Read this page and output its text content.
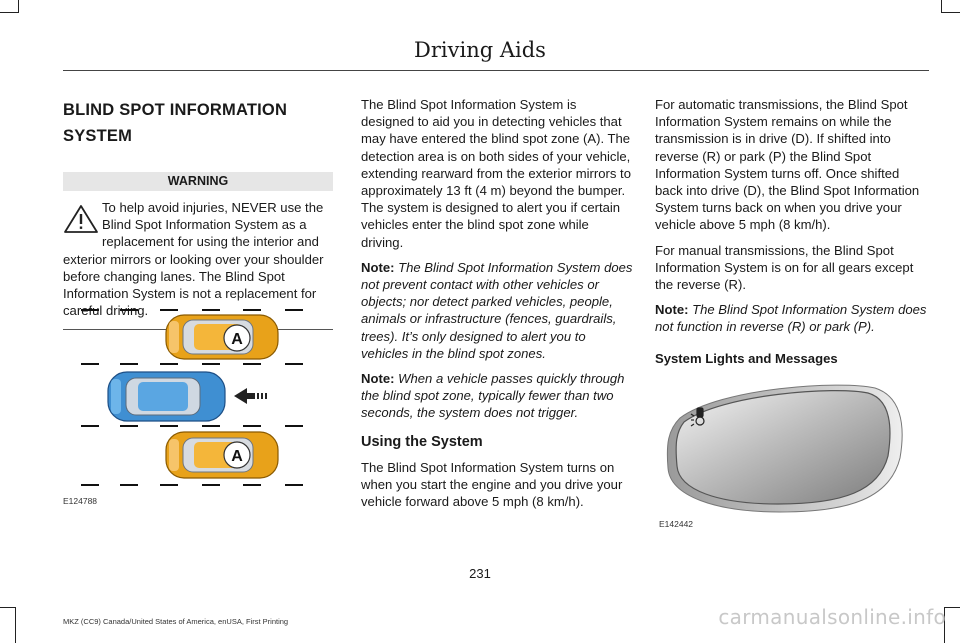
Driving Aids
BLIND SPOT INFORMATION
SYSTEM
WARNING
To help avoid injuries, NEVER use the Blind Spot Information System as a replacement for using the interior and exterior mirrors or looking over your shoulder before changing lanes. The Blind Spot Information System is not a replacement for careful driving.
A
A
E124788

The Blind Spot Information System is designed to aid you in detecting vehicles that may have entered the blind spot zone (A). The detection area is on both sides of your vehicle, extending rearward from the exterior mirrors to approximately 13 ft (4 m) beyond the bumper. The system is designed to alert you if certain vehicles enter the blind spot zone while driving.

Note: The Blind Spot Information System does not prevent contact with other vehicles or objects; nor detect parked vehicles, people, animals or infrastructure (fences, guardrails, trees). It’s only designed to alert you to vehicles in the blind spot zones.

Note: When a vehicle passes quickly through the blind spot zone, typically fewer than two seconds, the system does not trigger.

Using the System

The Blind Spot Information System turns on when you start the engine and you drive your vehicle forward above 5 mph (8 km/h).

For automatic transmissions, the Blind Spot Information System remains on while the transmission is in drive (D). If shifted into reverse (R) or park (P) the Blind Spot Information System turns off. Once shifted back into drive (D), the Blind Spot Information System turns back on when you drive your vehicle above 5 mph (8 km/h).

For manual transmissions, the Blind Spot Information System is on for all gears except the reverse (R).

Note: The Blind Spot Information System does not function in reverse (R) or park (P).

System Lights and Messages
E142442
231
MKZ (CC9) Canada/United States of America, enUSA, First Printing	carmanualsonline.info
